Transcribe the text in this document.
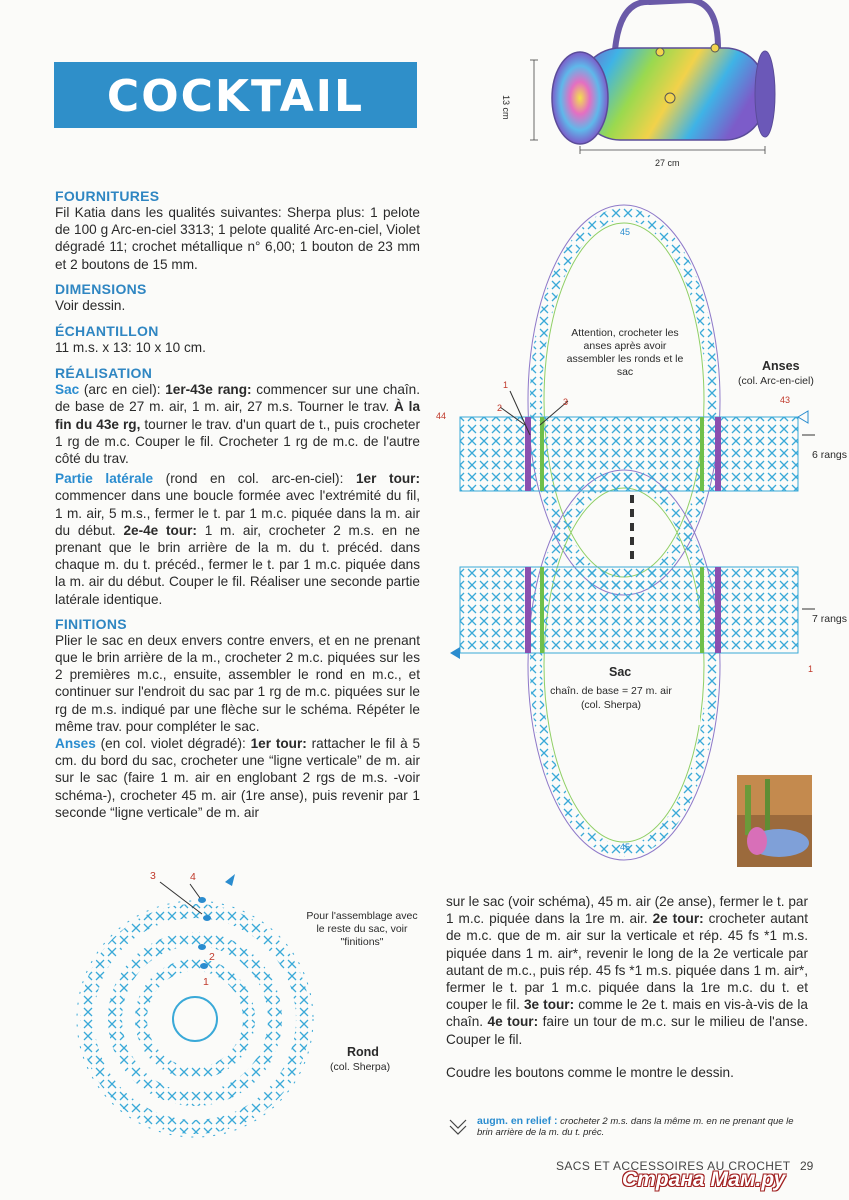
COCKTAIL	13 cm
27 cm
FOURNITURES
Fil Katia dans les qualités suivantes: Sherpa plus: 1 pelote de 100 g Arc-en-ciel 3313; 1 pelote qualité Arc-en-ciel, Violet dégradé 11; crochet métallique n° 6,00; 1 bouton de 23 mm et 2 boutons de 15 mm.
DIMENSIONS
Voir dessin.
ÉCHANTILLON
11 m.s. x 13: 10 x 10 cm.
RÉALISATION
Sac (arc en ciel): 1er-43e rang: commencer sur une chaîn. de base de 27 m. air, 1 m. air, 27 m.s. Tourner le trav. À la fin du 43e rg, tourner le trav. d'un quart de t., puis crocheter 1 rg de m.c. Couper le fil. Crocheter 1 rg de m.c. de l'autre côté du trav.
Partie latérale (rond en col. arc-en-ciel): 1er tour: commencer dans une boucle formée avec l'extrémité du fil, 1 m. air, 5 m.s., fermer le t. par 1 m.c. piquée dans la m. air du début. 2e-4e tour: 1 m. air, crocheter 2 m.s. en ne prenant que le brin arrière de la m. du t. précéd. dans chaque m. du t. précéd., fermer le t. par 1 m.c. piquée dans la m. air du début. Couper le fil. Réaliser une seconde partie latérale identique.
FINITIONS
Plier le sac en deux envers contre envers, et en ne prenant que le brin arrière de la m., crocheter 2 m.c. piquées sur les 2 premières m.c., ensuite, assembler le rond en m.c., et continuer sur l'endroit du sac par 1 rg de m.c. piquées sur le rg de m.s. indiqué par une flèche sur le schéma. Répéter le même trav. pour compléter le sac.
Anses (en col. violet dégradé): 1er tour: rattacher le fil à 5 cm. du bord du sac, crocheter une “ligne verticale” de m. air sur le sac (faire 1 m. air en englobant 2 rgs de m.s. -voir schéma-), crocheter 45 m. air (1re anse), puis revenir par 1 seconde “ligne verticale” de m. air
sur le sac (voir schéma), 45 m. air (2e anse), fermer le t. par 1 m.c. piquée dans la 1re m. air. 2e tour: crocheter autant de m.c. que de m. air sur la verticale et rép. 45 fs *1 m.s. piquée dans 1 m. air*, revenir le long de la 2e verticale par autant de m.c., puis rép. 45 fs *1 m.s. piquée dans 1 m. air*, fermer le t. par 1 m.c. piquée dans la 1re m.c. du t. et couper le fil. 3e tour: comme le 2e t. mais en vis-à-vis de la chaîn. 4e tour: faire un tour de m.c. sur le milieu de l'anse. Couper le fil.
Coudre les boutons comme le montre le dessin.
Attention, crocheter les anses après avoir assembler les ronds et le sac	Anses
(col. Arc-en-ciel)
6 rangs
7 rangs
Sac
chaîn. de base = 27 m. air
(col. Sherpa)
45
45
44
43
1
2
3
1
3	4
2
1
Pour l'assemblage avec le reste du sac, voir "finitions"
Rond
(col. Sherpa)
augm. en relief : crocheter 2 m.s. dans la même m. en ne prenant que le brin arrière de la m. du t. préc.
SACS ET ACCESSOIRES AU CROCHET 29
Страна Мам.ру
